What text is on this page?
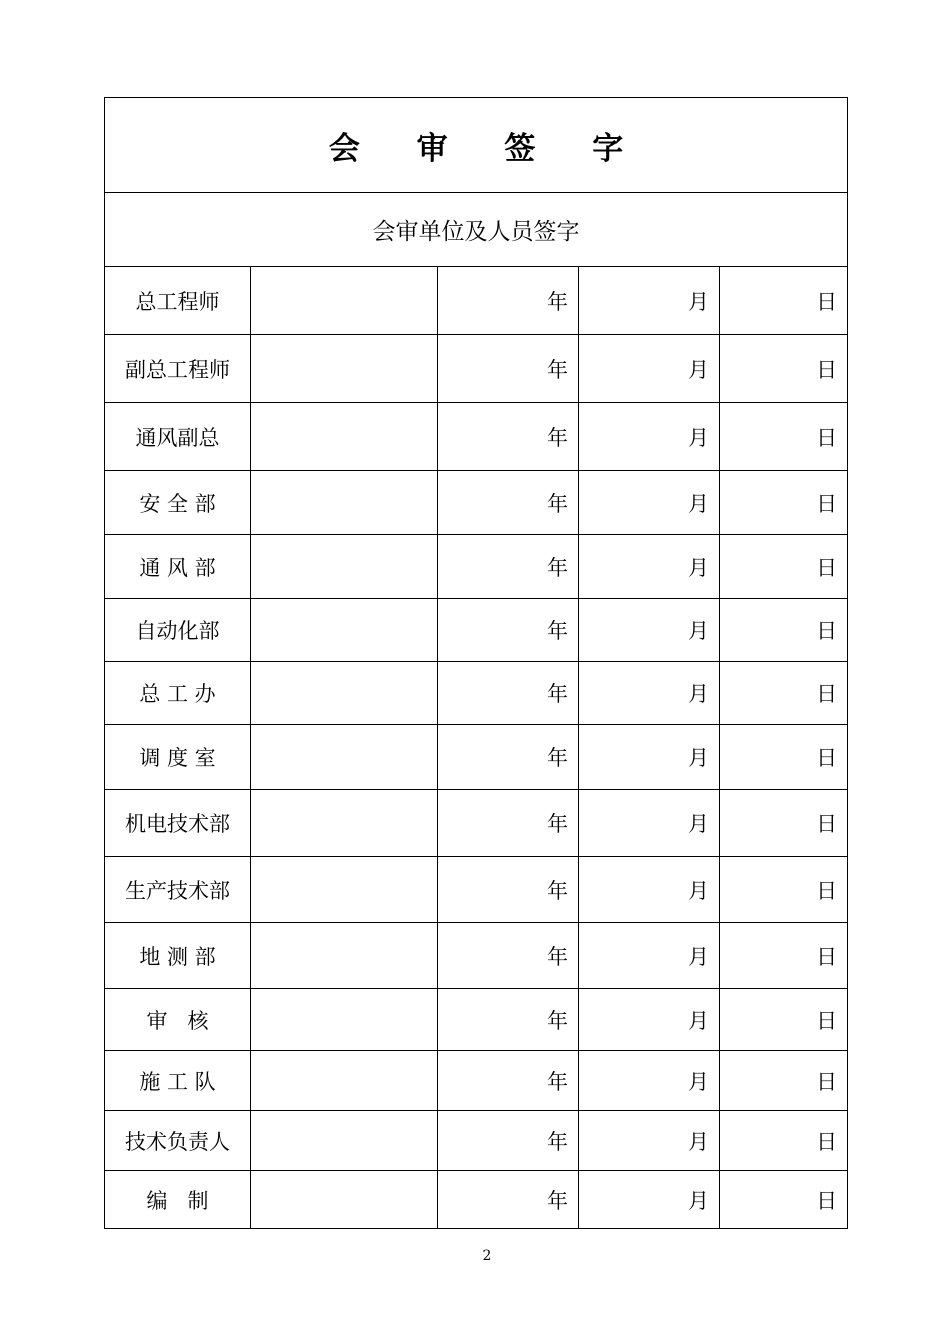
会 审 签 字				
会审单位及人员签字				
总工程师		年	月	日
副总工程师		年	月	日
通风副总		年	月	日
安 全 部		年	月	日
通 风 部		年	月	日
自动化部		年	月	日
总 工 办		年	月	日
调 度 室		年	月	日
机电技术部		年	月	日
生产技术部		年	月	日
地 测 部		年	月	日
审   核		年	月	日
施 工 队		年	月	日
技术负责人		年	月	日
编   制		年	月	日
2
